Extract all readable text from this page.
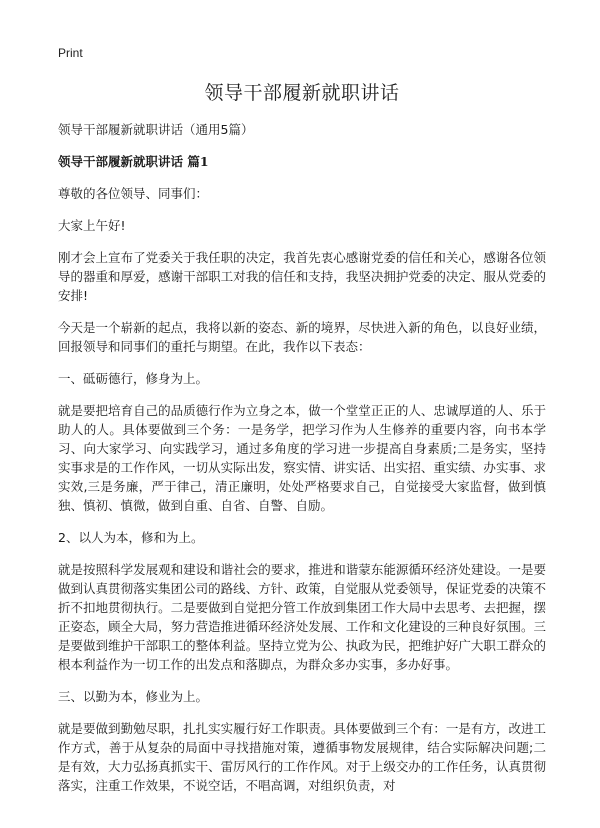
Print
领导干部履新就职讲话
领导干部履新就职讲话（通用5篇）
领导干部履新就职讲话 篇1
尊敬的各位领导、同事们：
大家上午好!
刚才会上宣布了党委关于我任职的决定，我首先衷心感谢党委的信任和关心，感谢各位领导的器重和厚爱，感谢干部职工对我的信任和支持，我坚决拥护党委的决定、服从党委的安排!
今天是一个崭新的起点，我将以新的姿态、新的境界，尽快进入新的角色，以良好业绩，回报领导和同事们的重托与期望。在此，我作以下表态：
一、砥砺德行，修身为上。
就是要把培育自己的品质德行作为立身之本，做一个堂堂正正的人、忠诚厚道的人、乐于助人的人。具体要做到三个务：一是务学，把学习作为人生修养的重要内容，向书本学习、向大家学习、向实践学习，通过多角度的学习进一步提高自身素质;二是务实，坚持实事求是的工作作风，一切从实际出发，察实情、讲实话、出实招、重实绩、办实事、求实效,三是务廉，严于律己，清正廉明，处处严格要求自己，自觉接受大家监督，做到慎独、慎初、慎微，做到自重、自省、自警、自励。
2、以人为本，修和为上。
就是按照科学发展观和建设和谐社会的要求，推进和谐蒙东能源循环经济处建设。一是要做到认真贯彻落实集团公司的路线、方针、政策，自觉服从党委领导，保证党委的决策不折不扣地贯彻执行。二是要做到自觉把分管工作放到集团工作大局中去思考、去把握，摆正姿态，顾全大局，努力营造推进循环经济处发展、工作和文化建设的三种良好氛围。三是要做到维护干部职工的整体利益。坚持立党为公、执政为民，把维护好广大职工群众的根本利益作为一切工作的出发点和落脚点，为群众多办实事，多办好事。
三、以勤为本，修业为上。
就是要做到勤勉尽职，扎扎实实履行好工作职责。具体要做到三个有：一是有方，改进工作方式，善于从复杂的局面中寻找措施对策，遵循事物发展规律，结合实际解决问题;二是有效，大力弘扬真抓实干、雷厉风行的工作作风。对于上级交办的工作任务，认真贯彻落实，注重工作效果，不说空话，不唱高调，对组织负责，对
